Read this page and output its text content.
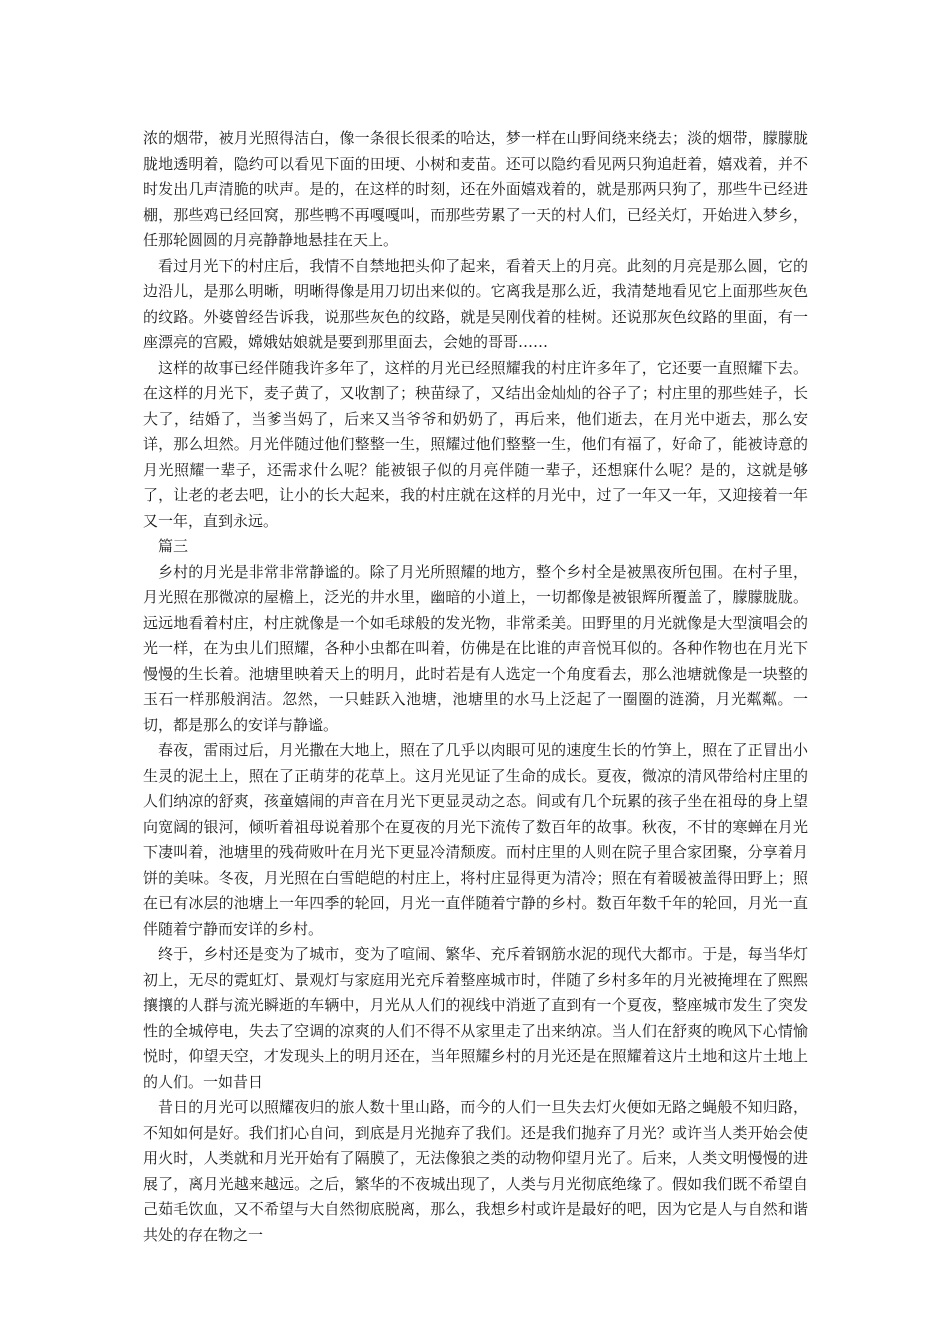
浓的烟带，被月光照得洁白，像一条很长很柔的哈达，梦一样在山野间绕来绕去；淡的烟带，朦朦胧胧地透明着，隐约可以看见下面的田埂、小树和麦苗。还可以隐约看见两只狗追赶着，嬉戏着，并不时发出几声清脆的吠声。是的，在这样的时刻，还在外面嬉戏着的，就是那两只狗了，那些牛已经进棚，那些鸡已经回窝，那些鸭不再嘎嘎叫，而那些劳累了一天的村人们，已经关灯，开始进入梦乡，任那轮圆圆的月亮静静地悬挂在天上。

看过月光下的村庄后，我情不自禁地把头仰了起来，看着天上的月亮。此刻的月亮是那么圆，它的边沿儿，是那么明晰，明晰得像是用刀切出来似的。它离我是那么近，我清楚地看见它上面那些灰色的纹路。外婆曾经告诉我，说那些灰色的纹路，就是吴刚伐着的桂树。还说那灰色纹路的里面，有一座漂亮的宫殿，嫦娥姑娘就是要到那里面去，会她的哥哥……

这样的故事已经伴随我许多年了，这样的月光已经照耀我的村庄许多年了，它还要一直照耀下去。在这样的月光下，麦子黄了，又收割了；秧苗绿了，又结出金灿灿的谷子了；村庄里的那些娃子，长大了，结婚了，当爹当妈了，后来又当爷爷和奶奶了，再后来，他们逝去，在月光中逝去，那么安详，那么坦然。月光伴随过他们整整一生，照耀过他们整整一生，他们有福了，好命了，能被诗意的月光照耀一辈子，还需求什么呢？能被银子似的月亮伴随一辈子，还想寐什么呢？是的，这就是够了，让老的老去吧，让小的长大起来，我的村庄就在这样的月光中，过了一年又一年，又迎接着一年又一年，直到永远。

篇三

乡村的月光是非常非常静谧的。除了月光所照耀的地方，整个乡村全是被黑夜所包围。在村子里，月光照在那微凉的屋檐上，泛光的井水里，幽暗的小道上，一切都像是被银辉所覆盖了，朦朦胧胧。远远地看着村庄，村庄就像是一个如毛球般的发光物，非常柔美。田野里的月光就像是大型演唱会的光一样，在为虫儿们照耀，各种小虫都在叫着，仿佛是在比谁的声音悦耳似的。各种作物也在月光下慢慢的生长着。池塘里映着天上的明月，此时若是有人选定一个角度看去，那么池塘就像是一块整的玉石一样那般润洁。忽然，一只蛙跃入池塘，池塘里的水马上泛起了一圈圈的涟漪，月光粼粼。一切，都是那么的安详与静谧。

春夜，雷雨过后，月光撒在大地上，照在了几乎以肉眼可见的速度生长的竹笋上，照在了正冒出小生灵的泥土上，照在了正萌芽的花草上。这月光见证了生命的成长。夏夜，微凉的清风带给村庄里的人们纳凉的舒爽，孩童嬉闹的声音在月光下更显灵动之态。间或有几个玩累的孩子坐在祖母的身上望向宽阔的银河，倾听着祖母说着那个在夏夜的月光下流传了数百年的故事。秋夜，不甘的寒蝉在月光下凄叫着，池塘里的残荷败叶在月光下更显冷清颓废。而村庄里的人则在院子里合家团聚，分享着月饼的美味。冬夜，月光照在白雪皑皑的村庄上，将村庄显得更为清冷；照在有着暖被盖得田野上；照在已有冰层的池塘上一年四季的轮回，月光一直伴随着宁静的乡村。数百年数千年的轮回，月光一直伴随着宁静而安详的乡村。

终于，乡村还是变为了城市，变为了喧闹、繁华、充斥着钢筋水泥的现代大都市。于是，每当华灯初上，无尽的霓虹灯、景观灯与家庭用光充斥着整座城市时，伴随了乡村多年的月光被掩埋在了熙熙攘攘的人群与流光瞬逝的车辆中，月光从人们的视线中消逝了直到有一个夏夜，整座城市发生了突发性的全城停电，失去了空调的凉爽的人们不得不从家里走了出来纳凉。当人们在舒爽的晚风下心情愉悦时，仰望天空，才发现头上的明月还在，当年照耀乡村的月光还是在照耀着这片土地和这片土地上的人们。一如昔日

昔日的月光可以照耀夜归的旅人数十里山路，而今的人们一旦失去灯火便如无路之蝇般不知归路，不知如何是好。我们扪心自问，到底是月光抛弃了我们。还是我们抛弃了月光？或许当人类开始会使用火时，人类就和月光开始有了隔膜了，无法像狼之类的动物仰望月光了。后来，人类文明慢慢的进展了，离月光越来越远。之后，繁华的不夜城出现了，人类与月光彻底绝缘了。假如我们既不希望自己茹毛饮血，又不希望与大自然彻底脱离，那么，我想乡村或许是最好的吧，因为它是人与自然和谐共处的存在物之一
